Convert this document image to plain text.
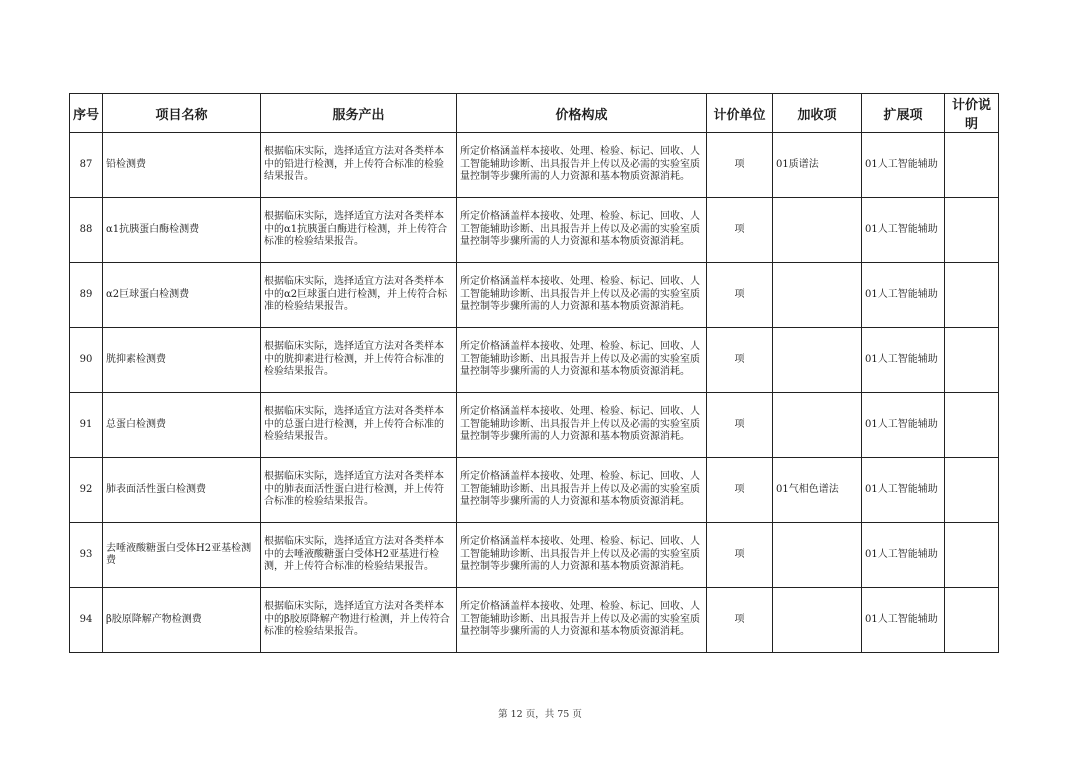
序号	项目名称	服务产出	价格构成	计价单位	加收项	扩展项	计价说明
87	铅检测费	根据临床实际，选择适宜方法对各类样本中的铅进行检测，并上传符合标准的检验结果报告。	所定价格涵盖样本接收、处理、检验、标记、回收、人工智能辅助诊断、出具报告并上传以及必需的实验室质量控制等步骤所需的人力资源和基本物质资源消耗。	项	01质谱法	01人工智能辅助	
88	α1抗胰蛋白酶检测费	根据临床实际，选择适宜方法对各类样本中的α1抗胰蛋白酶进行检测，并上传符合标准的检验结果报告。	所定价格涵盖样本接收、处理、检验、标记、回收、人工智能辅助诊断、出具报告并上传以及必需的实验室质量控制等步骤所需的人力资源和基本物质资源消耗。	项		01人工智能辅助	
89	α2巨球蛋白检测费	根据临床实际，选择适宜方法对各类样本中的α2巨球蛋白进行检测，并上传符合标准的检验结果报告。	所定价格涵盖样本接收、处理、检验、标记、回收、人工智能辅助诊断、出具报告并上传以及必需的实验室质量控制等步骤所需的人力资源和基本物质资源消耗。	项		01人工智能辅助	
90	胱抑素检测费	根据临床实际，选择适宜方法对各类样本中的胱抑素进行检测，并上传符合标准的检验结果报告。	所定价格涵盖样本接收、处理、检验、标记、回收、人工智能辅助诊断、出具报告并上传以及必需的实验室质量控制等步骤所需的人力资源和基本物质资源消耗。	项		01人工智能辅助	
91	总蛋白检测费	根据临床实际，选择适宜方法对各类样本中的总蛋白进行检测，并上传符合标准的检验结果报告。	所定价格涵盖样本接收、处理、检验、标记、回收、人工智能辅助诊断、出具报告并上传以及必需的实验室质量控制等步骤所需的人力资源和基本物质资源消耗。	项		01人工智能辅助	
92	肺表面活性蛋白检测费	根据临床实际，选择适宜方法对各类样本中的肺表面活性蛋白进行检测，并上传符合标准的检验结果报告。	所定价格涵盖样本接收、处理、检验、标记、回收、人工智能辅助诊断、出具报告并上传以及必需的实验室质量控制等步骤所需的人力资源和基本物质资源消耗。	项	01气相色谱法	01人工智能辅助	
93	去唾液酸糖蛋白受体H2亚基检测费	根据临床实际，选择适宜方法对各类样本中的去唾液酸糖蛋白受体H2亚基进行检测，并上传符合标准的检验结果报告。	所定价格涵盖样本接收、处理、检验、标记、回收、人工智能辅助诊断、出具报告并上传以及必需的实验室质量控制等步骤所需的人力资源和基本物质资源消耗。	项		01人工智能辅助	
94	β胶原降解产物检测费	根据临床实际，选择适宜方法对各类样本中的β胶原降解产物进行检测，并上传符合标准的检验结果报告。	所定价格涵盖样本接收、处理、检验、标记、回收、人工智能辅助诊断、出具报告并上传以及必需的实验室质量控制等步骤所需的人力资源和基本物质资源消耗。	项		01人工智能辅助	
第 12 页，共 75 页
